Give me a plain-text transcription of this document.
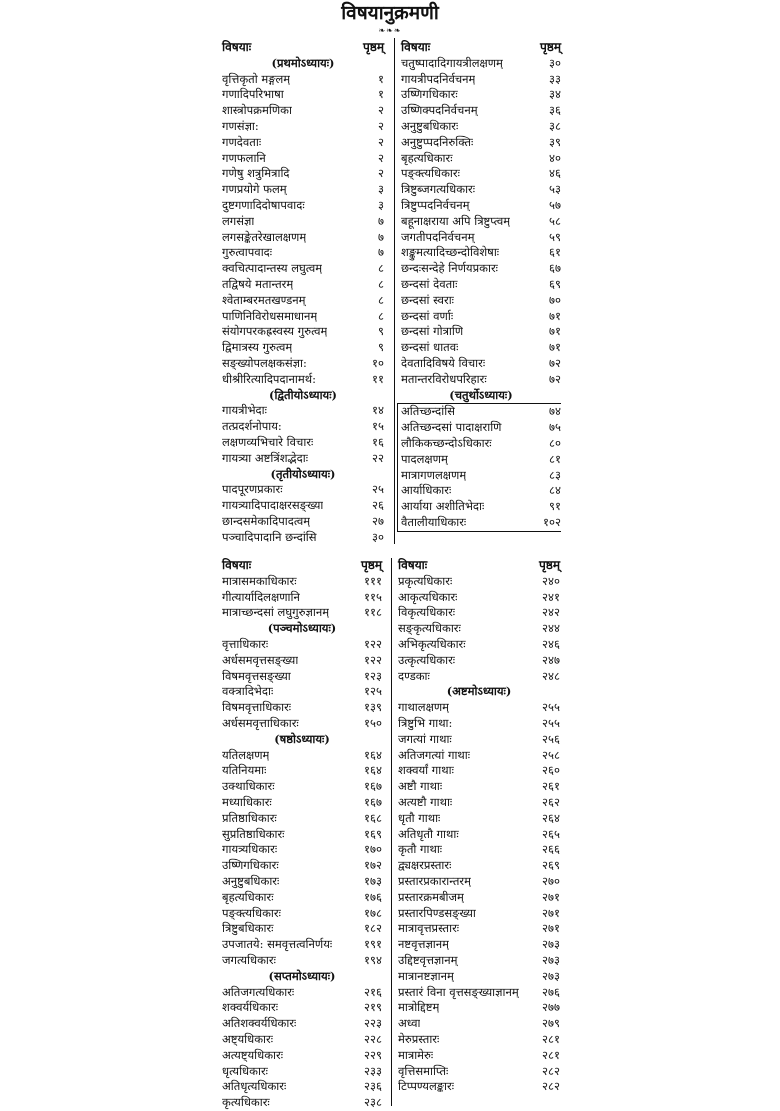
विषयानुक्रमणी
❧❧❧
विषयाः	पृष्ठम्
(प्रथमोऽध्यायः)
वृत्तिकृतो मङ्गलम्	१
गणादिपरिभाषा	१
शास्त्रोपक्रमणिका	२
गणसंज्ञा:	२
गणदेवताः	२
गणफलानि	२
गणेषु शत्रुमित्रादि	२
गणप्रयोगे फलम्	३
दुष्टगणादिदोषापवादः	३
लगसंज्ञा	७
लगसङ्केतरेखालक्षणम्	७
गुरुत्वापवादः	७
क्वचित्पादान्तस्य लघुत्वम्	८
तद्विषये मतान्तरम्	८
श्वेताम्बरमतखण्डनम्	८
पाणिनिविरोधसमाधानम्	८
संयोगपरकह्रस्वस्य गुरुत्वम्	९
द्विमात्रस्य गुरुत्वम्	९
सङ्ख्योपलक्षकसंज्ञा:	१०
धीश्रीरित्यादिपदानामर्थ:	११
(द्वितीयोऽध्यायः)
गायत्रीभेदाः	१४
तत्प्रदर्शनोपाय:	१५
लक्षणव्यभिचारे विचारः	१६
गायत्र्या अष्टत्रिंशद्भेदाः	२२
(तृतीयोऽध्यायः)
पादपूरणप्रकारः	२५
गायत्र्यादिपादाक्षरसङ्ख्या	२६
छान्दसमेकादिपादत्वम्	२७
पञ्चादिपादानि छन्दांसि	३०
विषयाः	पृष्ठम्
चतुष्पादादिगायत्रीलक्षणम्	३०
गायत्रीपदनिर्वचनम्	३३
उष्णिगधिकारः	३४
उष्णिक्पदनिर्वचनम्	३६
अनुष्टुबधिकारः	३८
अनुष्टुप्पदनिरुक्तिः	३९
बृहत्यधिकारः	४०
पङ्क्त्यधिकारः	४६
त्रिष्टुब्जगत्यधिकारः	५३
त्रिष्टुप्पदनिर्वचनम्	५७
बहूनाक्षराया अपि त्रिष्टुप्त्वम्	५८
जगतीपदनिर्वचनम्	५९
शङ्कुमत्यादिच्छन्दोविशेषाः	६१
छन्दःसन्देहे निर्णयप्रकारः	६७
छन्दसां देवताः	६९
छन्दसां स्वराः	७०
छन्दसां वर्णाः	७१
छन्दसां गोत्राणि	७१
छन्दसां धातवः	७१
देवतादिविषये विचारः	७२
मतान्तरविरोधपरिहारः	७२
(चतुर्थोऽध्यायः)
अतिच्छन्दांसि	७४
अतिच्छन्दसां पादाक्षराणि	७५
लौकिकच्छन्दोऽधिकारः	८०
पादलक्षणम्	८१
मात्रागणलक्षणम्	८३
आर्याधिकारः	८४
आर्याया अशीतिभेदाः	९१
वैतालीयाधिकारः	१०२
विषयाः	पृष्ठम्
मात्रासमकाधिकारः	१११
गीत्यार्यादिलक्षणानि	११५
मात्राच्छन्दसां लघुगुरुज्ञानम्	११८
(पञ्चमोऽध्यायः)
वृत्ताधिकारः	१२२
अर्धसमवृत्तसङ्ख्या	१२२
विषमवृत्तसङ्ख्या	१२३
वक्त्रादिभेदाः	१२५
विषमवृत्ताधिकारः	१३९
अर्धसमवृत्ताधिकारः	१५०
(षष्ठोऽध्यायः)
यतिलक्षणम्	१६४
यतिनियमाः	१६४
उक्थाधिकारः	१६७
मध्याधिकारः	१६७
प्रतिष्ठाधिकारः	१६८
सुप्रतिष्ठाधिकारः	१६९
गायत्र्यधिकारः	१७०
उष्णिगधिकारः	१७२
अनुष्टुबधिकारः	१७३
बृहत्यधिकारः	१७६
पङ्क्त्यधिकारः	१७८
त्रिष्टुबधिकारः	१८२
उपजातये: समवृत्तत्वनिर्णयः	१९१
जगत्यधिकारः	१९४
(सप्तमोऽध्यायः)
अतिजगत्यधिकारः	२१६
शक्वर्यधिकारः	२१९
अतिशक्वर्यधिकारः	२२३
अष्ट्यधिकारः	२२८
अत्यष्ट्यधिकारः	२२९
धृत्यधिकारः	२३३
अतिधृत्यधिकारः	२३६
कृत्यधिकारः	२३८
विषयाः	पृष्ठम्
प्रकृत्यधिकारः	२४०
आकृत्यधिकारः	२४१
विकृत्यधिकारः	२४२
सङ्कृत्यधिकारः	२४४
अभिकृत्यधिकारः	२४६
उत्कृत्यधिकारः	२४७
दण्डकाः	२४८
(अष्टमोऽध्यायः)
गाथालक्षणम्	२५५
त्रिष्टुभि गाथा:	२५५
जगत्यां गाथाः	२५६
अतिजगत्यां गाथाः	२५८
शक्वर्यां गाथाः	२६०
अष्टौ गाथाः	२६१
अत्यष्टौ गाथाः	२६२
धृतौ गाथाः	२६४
अतिधृतौ गाथाः	२६५
कृतौ गाथाः	२६६
द्व्यक्षरप्रस्तारः	२६९
प्रस्तारप्रकारान्तरम्	२७०
प्रस्तारक्रमबीजम्	२७१
प्रस्तारपिण्डसङ्ख्या	२७१
मात्रावृत्तप्रस्तारः	२७१
नष्टवृत्तज्ञानम्	२७३
उद्दिष्टवृत्तज्ञानम्	२७३
मात्रानष्टज्ञानम्	२७३
प्रस्तारं विना वृत्तसङ्ख्याज्ञानम्	२७६
मात्रोद्दिष्टम्	२७७
अध्वा	२७९
मेरुप्रस्तारः	२८१
मात्रामेरुः	२८१
वृत्तिसमाप्तिः	२८२
टिप्पण्यलङ्कारः	२८२
